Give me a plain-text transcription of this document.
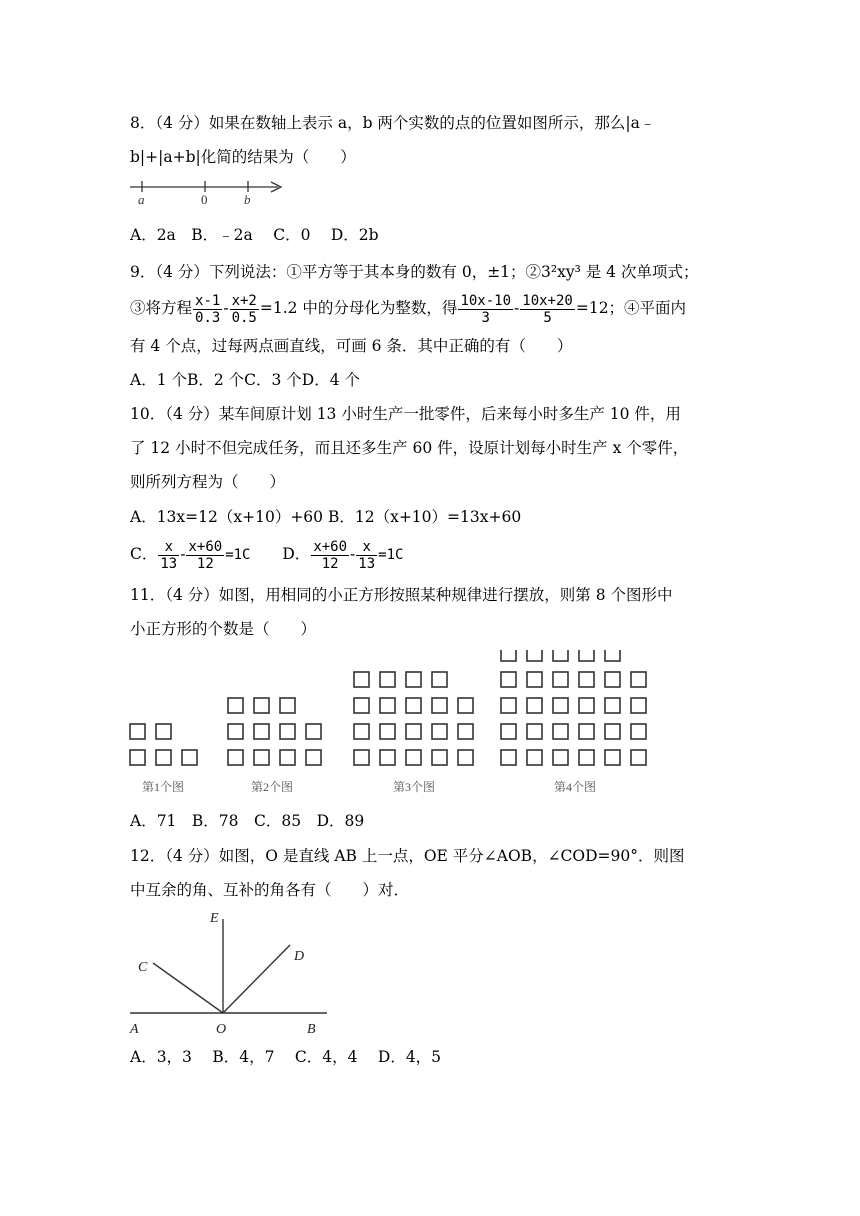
8．（4 分）如果在数轴上表示 a，b 两个实数的点的位置如图所示，那么|a﹣
b|+|a+b|化简的结果为（　　）
a	0	b
A．2a　B．﹣2a　 C．0　 D．2b
9．（4 分）下列说法：①平方等于其本身的数有 0，±1；②3²xy³ 是 4 次单项式；
③将方程 $\frac{x-1}{0.3} - \frac{x+2}{0.5} =1.2$ 中的分母化为整数，得 $\frac{10x-10}{3} - \frac{10x+20}{5} =12$；④平面内
有 4 个点，过每两点画直线，可画 6 条．其中正确的有（　　）
A．1 个B．2 个C．3 个D．4 个
10．（4 分）某车间原计划 13 小时生产一批零件，后来每小时多生产 10 件，用
了 12 小时不但完成任务，而且还多生产 60 件，设原计划每小时生产 x 个零件，
则所列方程为（　　）
A．13x=12（x+10）+60 B．12（x+10）=13x+60
C． $\frac{x}{13} - \frac{x+60}{12} =1C$ D． $\frac{x+60}{12} - \frac{x}{13} =1C$
11．（4 分）如图，用相同的小正方形按照某种规律进行摆放，则第 8 个图形中
小正方形的个数是（　　）
第1个图	第2个图	第3个图	第4个图
A．71　B．78　C．85　D．89
12．（4 分）如图，O 是直线 AB 上一点，OE 平分∠AOB，∠COD=90°．则图
中互余的角、互补的角各有（　　）对．
E
C
D
A	O	B
A．3，3　 B．4，7　 C．4，4　 D．4，5
